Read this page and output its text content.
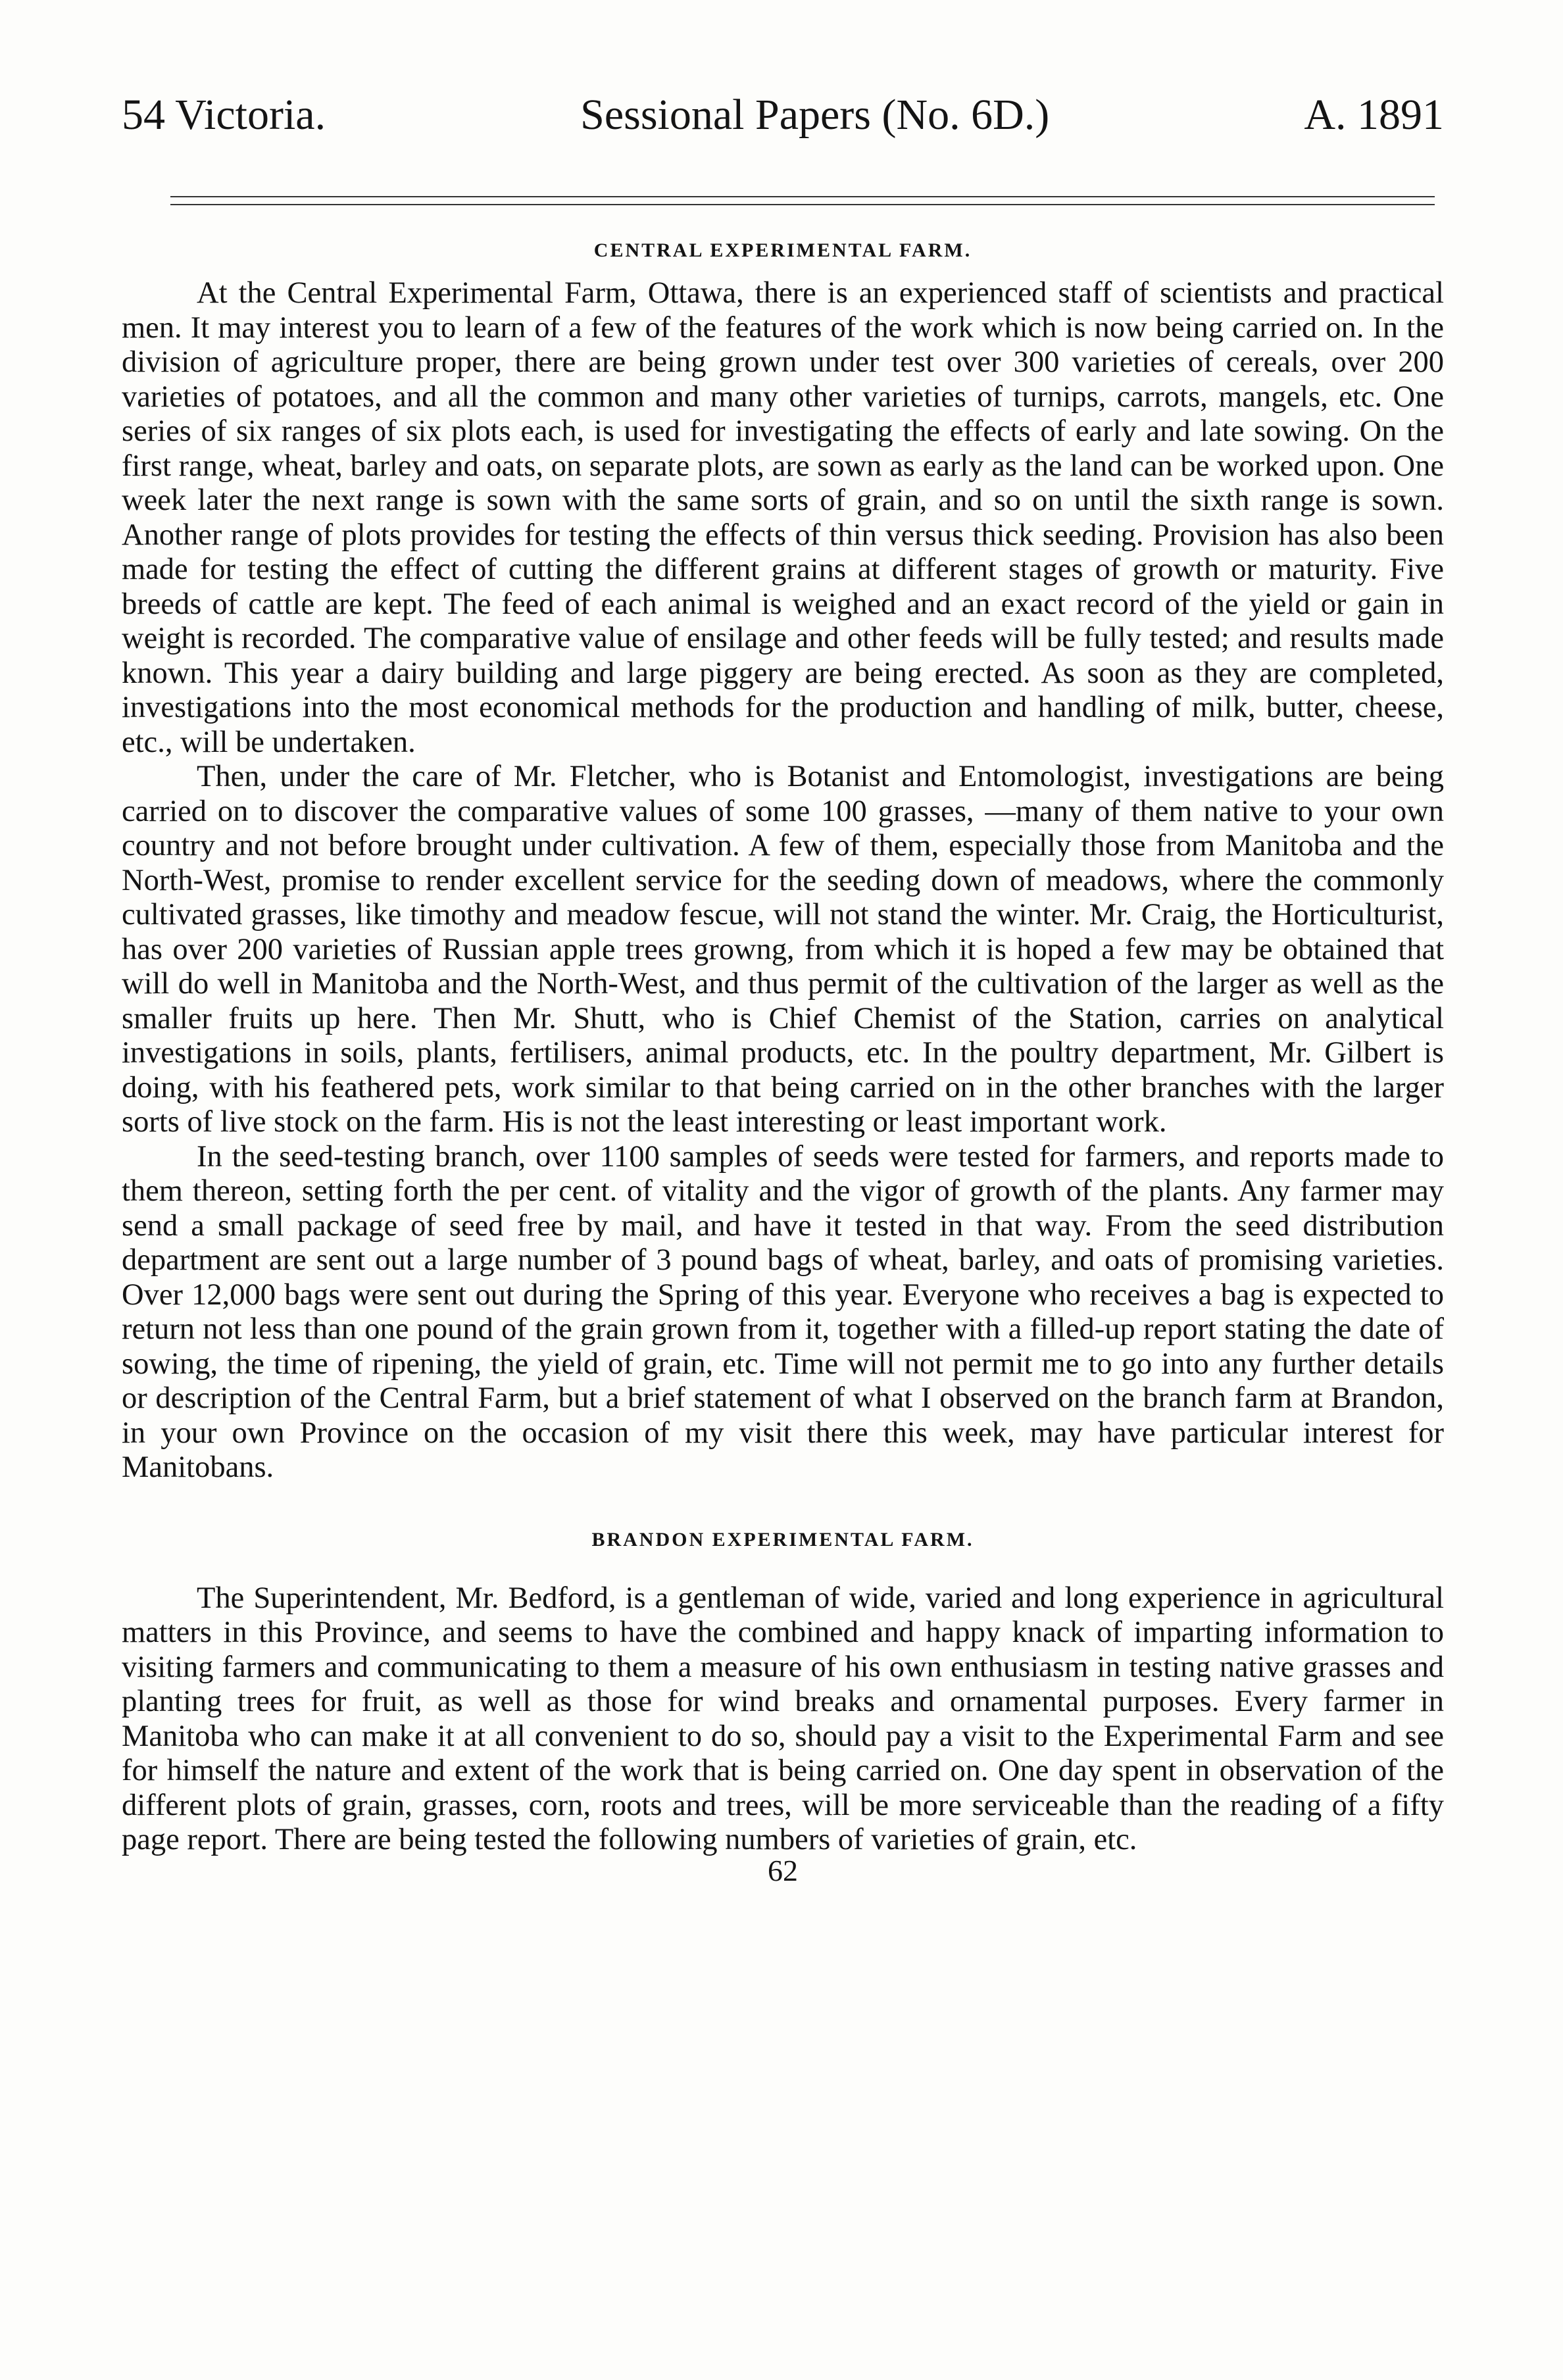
54 Victoria.	Sessional Papers (No. 6D.)	A. 1891
CENTRAL EXPERIMENTAL FARM.

At the Central Experimental Farm, Ottawa, there is an experienced staff of scientists and practical men. It may interest you to learn of a few of the features of the work which is now being carried on. In the division of agriculture proper, there are being grown under test over 300 varieties of cereals, over 200 varieties of potatoes, and all the common and many other varieties of turnips, carrots, mangels, etc. One series of six ranges of six plots each, is used for investigating the effects of early and late sowing. On the first range, wheat, barley and oats, on separate plots, are sown as early as the land can be worked upon. One week later the next range is sown with the same sorts of grain, and so on until the sixth range is sown. Another range of plots provides for testing the effects of thin versus thick seeding. Provision has also been made for testing the effect of cutting the different grains at different stages of growth or maturity. Five breeds of cattle are kept. The feed of each animal is weighed and an exact record of the yield or gain in weight is recorded. The comparative value of ensilage and other feeds will be fully tested; and results made known. This year a dairy building and large piggery are being erected. As soon as they are completed, investigations into the most economical methods for the production and handling of milk, butter, cheese, etc., will be undertaken.

Then, under the care of Mr. Fletcher, who is Botanist and Entomologist, investigations are being carried on to discover the comparative values of some 100 grasses, —many of them native to your own country and not before brought under cultivation. A few of them, especially those from Manitoba and the North-West, promise to render excellent service for the seeding down of meadows, where the commonly cultivated grasses, like timothy and meadow fescue, will not stand the winter. Mr. Craig, the Horticulturist, has over 200 varieties of Russian apple trees growng, from which it is hoped a few may be obtained that will do well in Manitoba and the North-West, and thus permit of the cultivation of the larger as well as the smaller fruits up here. Then Mr. Shutt, who is Chief Chemist of the Station, carries on analytical investigations in soils, plants, fertilisers, animal products, etc. In the poultry department, Mr. Gilbert is doing, with his feathered pets, work similar to that being carried on in the other branches with the larger sorts of live stock on the farm. His is not the least interesting or least important work.

In the seed-testing branch, over 1100 samples of seeds were tested for farmers, and reports made to them thereon, setting forth the per cent. of vitality and the vigor of growth of the plants. Any farmer may send a small package of seed free by mail, and have it tested in that way. From the seed distribution department are sent out a large number of 3 pound bags of wheat, barley, and oats of promising varieties. Over 12,000 bags were sent out during the Spring of this year. Everyone who receives a bag is expected to return not less than one pound of the grain grown from it, together with a filled-up report stating the date of sowing, the time of ripening, the yield of grain, etc. Time will not permit me to go into any further details or description of the Central Farm, but a brief statement of what I observed on the branch farm at Brandon, in your own Province on the occasion of my visit there this week, may have particular interest for Manitobans.

BRANDON EXPERIMENTAL FARM.

The Superintendent, Mr. Bedford, is a gentleman of wide, varied and long experience in agricultural matters in this Province, and seems to have the combined and happy knack of imparting information to visiting farmers and communicating to them a measure of his own enthusiasm in testing native grasses and planting trees for fruit, as well as those for wind breaks and ornamental purposes. Every farmer in Manitoba who can make it at all convenient to do so, should pay a visit to the Experimental Farm and see for himself the nature and extent of the work that is being carried on. One day spent in observation of the different plots of grain, grasses, corn, roots and trees, will be more serviceable than the reading of a fifty page report. There are being tested the following numbers of varieties of grain, etc.

62
